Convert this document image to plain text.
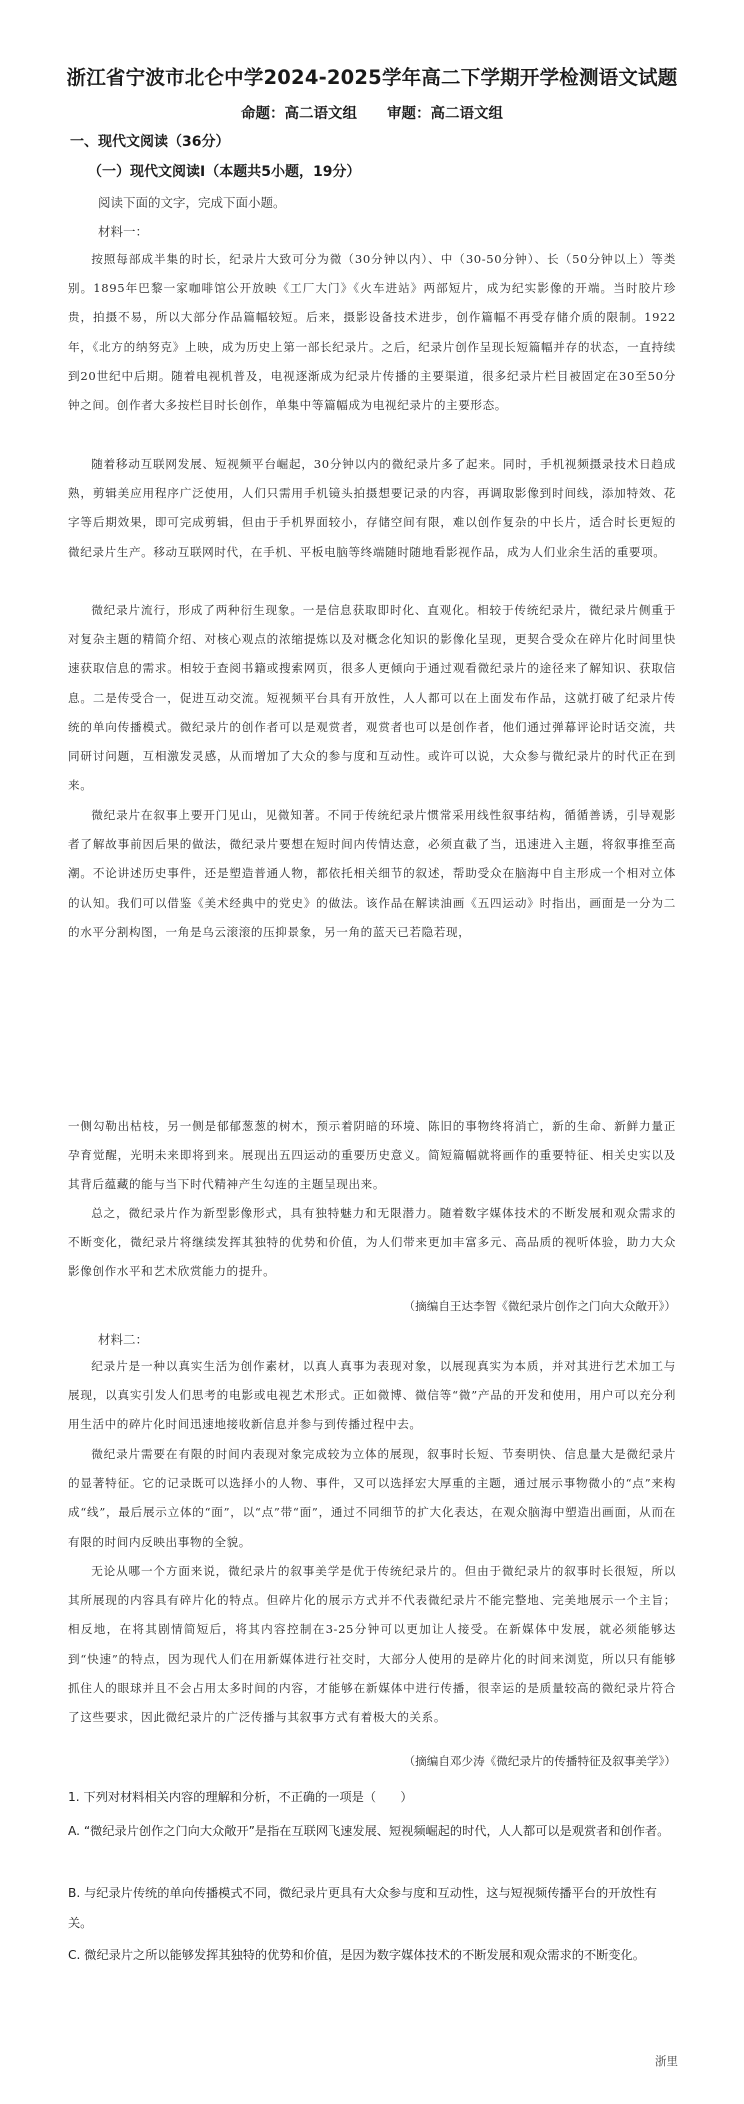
浙江省宁波市北仑中学2024-2025学年高二下学期开学检测语文试题
命题：高二语文组 审题：高二语文组
一、现代文阅读（36分）
（一）现代文阅读Ⅰ（本题共5小题，19分）
阅读下面的文字，完成下面小题。
材料一：

按照每部成半集的时长，纪录片大致可分为微（30分钟以内）、中（30-50分钟）、长（50分钟以上）等类别。1895年巴黎一家咖啡馆公开放映《工厂大门》《火车进站》两部短片，成为纪实影像的开端。当时胶片珍贵，拍摄不易，所以大部分作品篇幅较短。后来，摄影设备技术进步，创作篇幅不再受存储介质的限制。1922年，《北方的纳努克》上映，成为历史上第一部长纪录片。之后，纪录片创作呈现长短篇幅并存的状态，一直持续到20世纪中后期。随着电视机普及，电视逐渐成为纪录片传播的主要渠道，很多纪录片栏目被固定在30至50分钟之间。创作者大多按栏目时长创作，单集中等篇幅成为电视纪录片的主要形态。

随着移动互联网发展、短视频平台崛起，30分钟以内的微纪录片多了起来。同时，手机视频摄录技术日趋成熟，剪辑美应用程序广泛使用，人们只需用手机镜头拍摄想要记录的内容，再调取影像到时间线，添加特效、花字等后期效果，即可完成剪辑，但由于手机界面较小，存储空间有限，难以创作复杂的中长片，适合时长更短的微纪录片生产。移动互联网时代，在手机、平板电脑等终端随时随地看影视作品，成为人们业余生活的重要项。

微纪录片流行，形成了两种衍生现象。一是信息获取即时化、直观化。相较于传统纪录片，微纪录片侧重于对复杂主题的精简介绍、对核心观点的浓缩提炼以及对概念化知识的影像化呈现，更契合受众在碎片化时间里快速获取信息的需求。相较于查阅书籍或搜索网页，很多人更倾向于通过观看微纪录片的途径来了解知识、获取信息。二是传受合一，促进互动交流。短视频平台具有开放性，人人都可以在上面发布作品，这就打破了纪录片传统的单向传播模式。微纪录片的创作者可以是观赏者，观赏者也可以是创作者，他们通过弹幕评论时话交流，共同研讨问题，互相激发灵感，从而增加了大众的参与度和互动性。或许可以说，大众参与微纪录片的时代正在到来。

微纪录片在叙事上要开门见山，见微知著。不同于传统纪录片惯常采用线性叙事结构，循循善诱，引导观影者了解故事前因后果的做法，微纪录片要想在短时间内传情达意，必须直截了当，迅速进入主题，将叙事推至高潮。不论讲述历史事件，还是塑造普通人物，都依托相关细节的叙述，帮助受众在脑海中自主形成一个相对立体的认知。我们可以借鉴《美术经典中的党史》的做法。该作品在解读油画《五四运动》时指出，画面是一分为二的水平分割构图，一角是乌云滚滚的压抑景象，另一角的蓝天已若隐若现，

一侧勾勒出枯枝，另一侧是郁郁葱葱的树木，预示着阴暗的环境、陈旧的事物终将消亡，新的生命、新鲜力量正孕育觉醒，光明未来即将到来。展现出五四运动的重要历史意义。简短篇幅就将画作的重要特征、相关史实以及其背后蕴藏的能与当下时代精神产生勾连的主题呈现出来。

总之，微纪录片作为新型影像形式，具有独特魅力和无限潜力。随着数字媒体技术的不断发展和观众需求的不断变化，微纪录片将继续发挥其独特的优势和价值，为人们带来更加丰富多元、高品质的视听体验，助力大众影像创作水平和艺术欣赏能力的提升。

（摘编自王达李智《微纪录片创作之门向大众敞开》）
材料二：

纪录片是一种以真实生活为创作素材，以真人真事为表现对象，以展现真实为本质，并对其进行艺术加工与展现，以真实引发人们思考的电影或电视艺术形式。正如微博、微信等“微”产品的开发和使用，用户可以充分利用生活中的碎片化时间迅速地接收新信息并参与到传播过程中去。

微纪录片需要在有限的时间内表现对象完成较为立体的展现，叙事时长短、节奏明快、信息量大是微纪录片的显著特征。它的记录既可以选择小的人物、事件，又可以选择宏大厚重的主题，通过展示事物微小的“点”来构成“线”，最后展示立体的“面”，以“点”带“面”，通过不同细节的扩大化表达，在观众脑海中塑造出画面，从而在有限的时间内反映出事物的全貌。

无论从哪一个方面来说，微纪录片的叙事美学是优于传统纪录片的。但由于微纪录片的叙事时长很短，所以其所展现的内容具有碎片化的特点。但碎片化的展示方式并不代表微纪录片不能完整地、完美地展示一个主旨；相反地，在将其剧情简短后，将其内容控制在3-25分钟可以更加让人接受。在新媒体中发展，就必须能够达到“快速”的特点，因为现代人们在用新媒体进行社交时，大部分人使用的是碎片化的时间来浏览，所以只有能够抓住人的眼球并且不会占用太多时间的内容，才能够在新媒体中进行传播，很幸运的是质量较高的微纪录片符合了这些要求，因此微纪录片的广泛传播与其叙事方式有着极大的关系。

（摘编自邓少涛《微纪录片的传播特征及叙事美学》）

1. 下列对材料相关内容的理解和分析，不正确的一项是（　　）

A. “微纪录片创作之门向大众敞开”是指在互联网飞速发展、短视频崛起的时代，人人都可以是观赏者和创作者。

B. 与纪录片传统的单向传播模式不同，微纪录片更具有大众参与度和互动性，这与短视频传播平台的开放性有关。

C. 微纪录片之所以能够发挥其独特的优势和价值，是因为数字媒体技术的不断发展和观众需求的不断变化。

浙里
